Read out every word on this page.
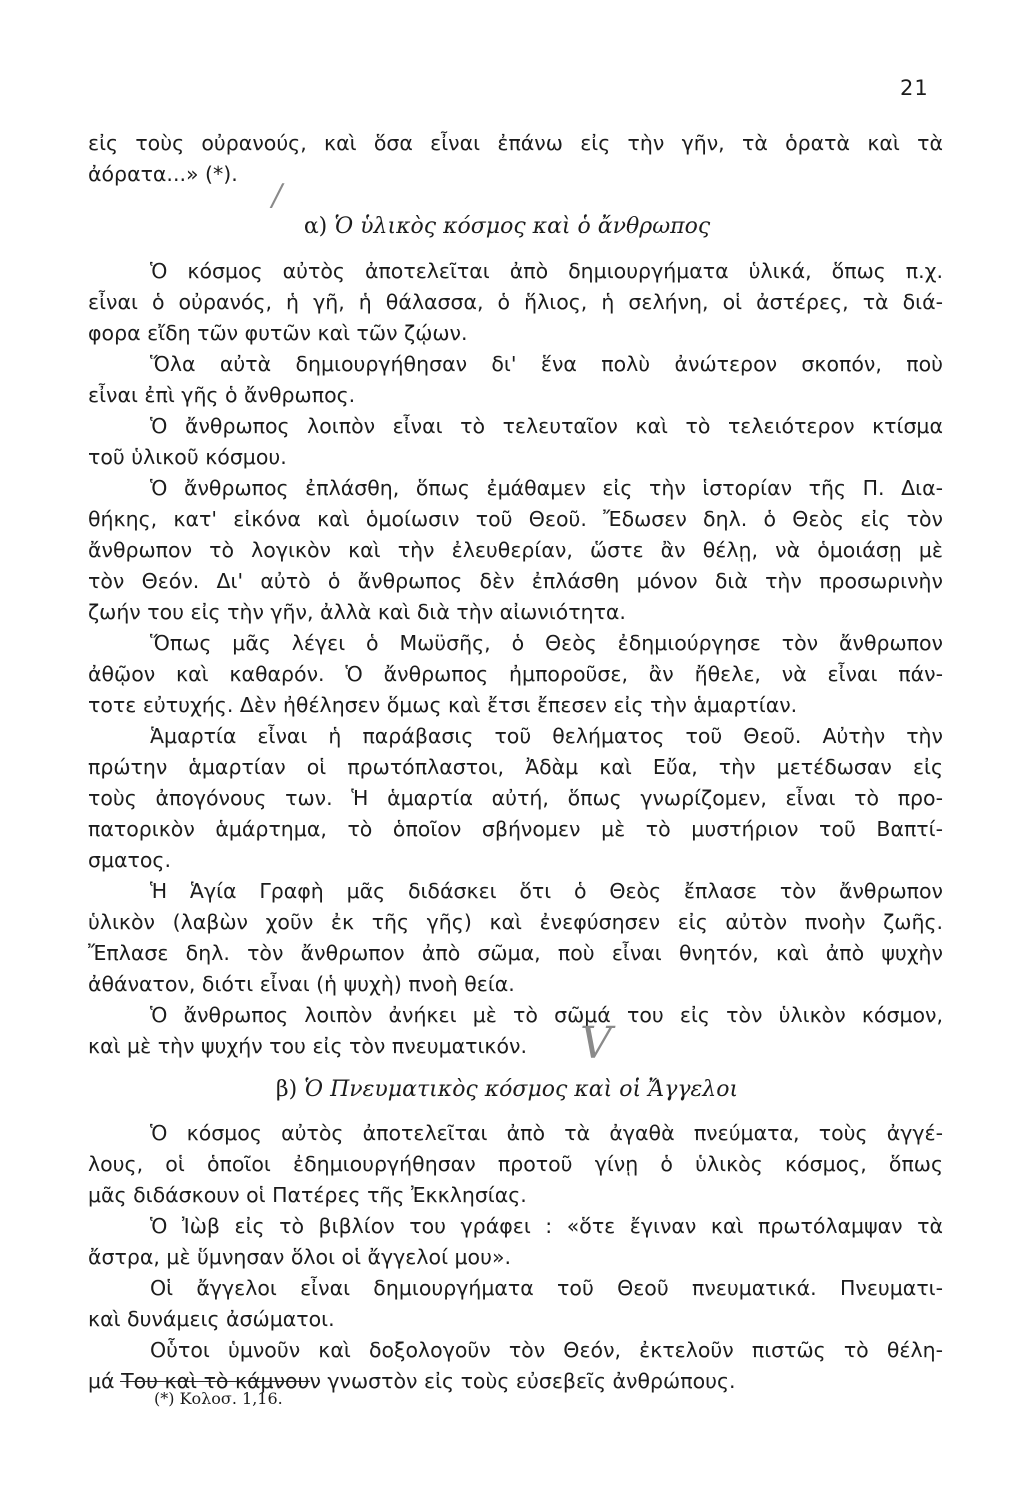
21
εἰς τοὺς οὐρανούς, καὶ ὅσα εἶναι ἐπάνω εἰς τὴν γῆν, τὰ ὁρατὰ καὶ τὰ
ἀόρατα...» (*).
/
α) Ὁ ὑλικὸς κόσμος καὶ ὁ ἄνθρωπος
Ὁ κόσμος αὐτὸς ἀποτελεῖται ἀπὸ δημιουργήματα ὑλικά, ὅπως π.χ.
εἶναι ὁ οὐρανός, ἡ γῆ, ἡ θάλασσα, ὁ ἥλιος, ἡ σελήνη, οἱ ἀστέρες, τὰ διά-
φορα εἴδη τῶν φυτῶν καὶ τῶν ζῴων.
Ὅλα αὐτὰ δημιουργήθησαν δι' ἕνα πολὺ ἀνώτερον σκοπόν, ποὺ
εἶναι ἐπὶ γῆς ὁ ἄνθρωπος.
Ὁ ἄνθρωπος λοιπὸν εἶναι τὸ τελευταῖον καὶ τὸ τελειότερον κτίσμα
τοῦ ὑλικοῦ κόσμου.
Ὁ ἄνθρωπος ἐπλάσθη, ὅπως ἐμάθαμεν εἰς τὴν ἱστορίαν τῆς Π. Δια-
θήκης, κατ' εἰκόνα καὶ ὁμοίωσιν τοῦ Θεοῦ. Ἔδωσεν δηλ. ὁ Θεὸς εἰς τὸν
ἄνθρωπον τὸ λογικὸν καὶ τὴν ἐλευθερίαν, ὥστε ἂν θέλῃ, νὰ ὁμοιάσῃ μὲ
τὸν Θεόν. Δι' αὐτὸ ὁ ἄνθρωπος δὲν ἐπλάσθη μόνον διὰ τὴν προσωρινὴν
ζωήν του εἰς τὴν γῆν, ἀλλὰ καὶ διὰ τὴν αἰωνιότητα.
Ὅπως μᾶς λέγει ὁ Μωϋσῆς, ὁ Θεὸς ἐδημιούργησε τὸν ἄνθρωπον
ἀθῷον καὶ καθαρόν. Ὁ ἄνθρωπος ἠμποροῦσε, ἂν ἤθελε, νὰ εἶναι πάν-
τοτε εὐτυχής. Δὲν ἠθέλησεν ὅμως καὶ ἔτσι ἔπεσεν εἰς τὴν ἁμαρτίαν.
Ἁμαρτία εἶναι ἡ παράβασις τοῦ θελήματος τοῦ Θεοῦ. Αὐτὴν τὴν
πρώτην ἁμαρτίαν οἱ πρωτόπλαστοι, Ἀδὰμ καὶ Εὔα, τὴν μετέδωσαν εἰς
τοὺς ἀπογόνους των. Ἡ ἁμαρτία αὐτή, ὅπως γνωρίζομεν, εἶναι τὸ προ-
πατορικὸν ἁμάρτημα, τὸ ὁποῖον σβήνομεν μὲ τὸ μυστήριον τοῦ Βαπτί-
σματος.
Ἡ Ἁγία Γραφὴ μᾶς διδάσκει ὅτι ὁ Θεὸς ἔπλασε τὸν ἄνθρωπον
ὑλικὸν (λαβὼν χοῦν ἐκ τῆς γῆς) καὶ ἐνεφύσησεν εἰς αὐτὸν πνοὴν ζωῆς.
Ἔπλασε δηλ. τὸν ἄνθρωπον ἀπὸ σῶμα, ποὺ εἶναι θνητόν, καὶ ἀπὸ ψυχὴν
ἀθάνατον, διότι εἶναι (ἡ ψυχὴ) πνοὴ θεία.
Ὁ ἄνθρωπος λοιπὸν ἀνήκει μὲ τὸ σῶμά του εἰς τὸν ὑλικὸν κόσμον,
καὶ μὲ τὴν ψυχήν του εἰς τὸν πνευματικόν.	V
β) Ὁ Πνευματικὸς κόσμος καὶ οἱ Ἄγγελοι
Ὁ κόσμος αὐτὸς ἀποτελεῖται ἀπὸ τὰ ἀγαθὰ πνεύματα, τοὺς ἀγγέ-
λους, οἱ ὁποῖοι ἐδημιουργήθησαν προτοῦ γίνῃ ὁ ὑλικὸς κόσμος, ὅπως
μᾶς διδάσκουν οἱ Πατέρες τῆς Ἐκκλησίας.
Ὁ Ἰὼβ εἰς τὸ βιβλίον του γράφει : «ὅτε ἔγιναν καὶ πρωτόλαμψαν τὰ
ἄστρα, μὲ ὕμνησαν ὅλοι οἱ ἄγγελοί μου».
Οἱ ἄγγελοι εἶναι δημιουργήματα τοῦ Θεοῦ πνευματικά. Πνευματι-
καὶ δυνάμεις ἀσώματοι.
Οὗτοι ὑμνοῦν καὶ δοξολογοῦν τὸν Θεόν, ἐκτελοῦν πιστῶς τὸ θέλη-
μά Του καὶ τὸ κάμνουν γνωστὸν εἰς τοὺς εὐσεβεῖς ἀνθρώπους.
(*) Κολοσ. 1,16.
